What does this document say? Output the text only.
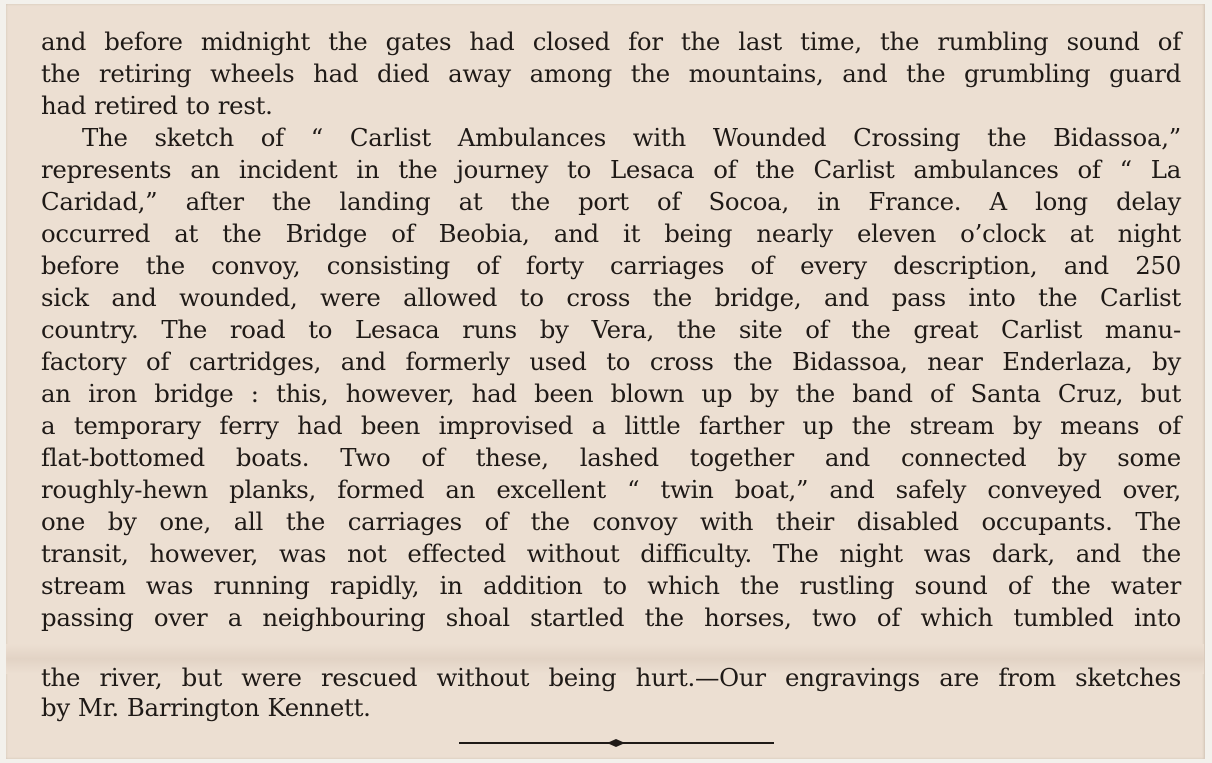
and before midnight the gates had closed for the last time, the rumbling sound of

the retiring wheels had died away among the mountains, and the grumbling guard

had retired to rest.

The sketch of “ Carlist Ambulances with Wounded Crossing the Bidassoa,”

represents an incident in the journey to Lesaca of the Carlist ambulances of “ La

Caridad,” after the landing at the port of Socoa, in France. A long delay

occurred at the Bridge of Beobia, and it being nearly eleven o’clock at night

before the convoy, consisting of forty carriages of every description, and 250

sick and wounded, were allowed to cross the bridge, and pass into the Carlist

country. The road to Lesaca runs by Vera, the site of the great Carlist manu-

factory of cartridges, and formerly used to cross the Bidassoa, near Enderlaza, by

an iron bridge : this, however, had been blown up by the band of Santa Cruz, but

a temporary ferry had been improvised a little farther up the stream by means of

flat-bottomed boats. Two of these, lashed together and connected by some

roughly-hewn planks, formed an excellent “ twin boat,” and safely conveyed over,

one by one, all the carriages of the convoy with their disabled occupants. The

transit, however, was not effected without difficulty. The night was dark, and the

stream was running rapidly, in addition to which the rustling sound of the water

passing over a neighbouring shoal startled the horses, two of which tumbled into

the river, but were rescued without being hurt.—Our engravings are from sketches

by Mr. Barrington Kennett.
